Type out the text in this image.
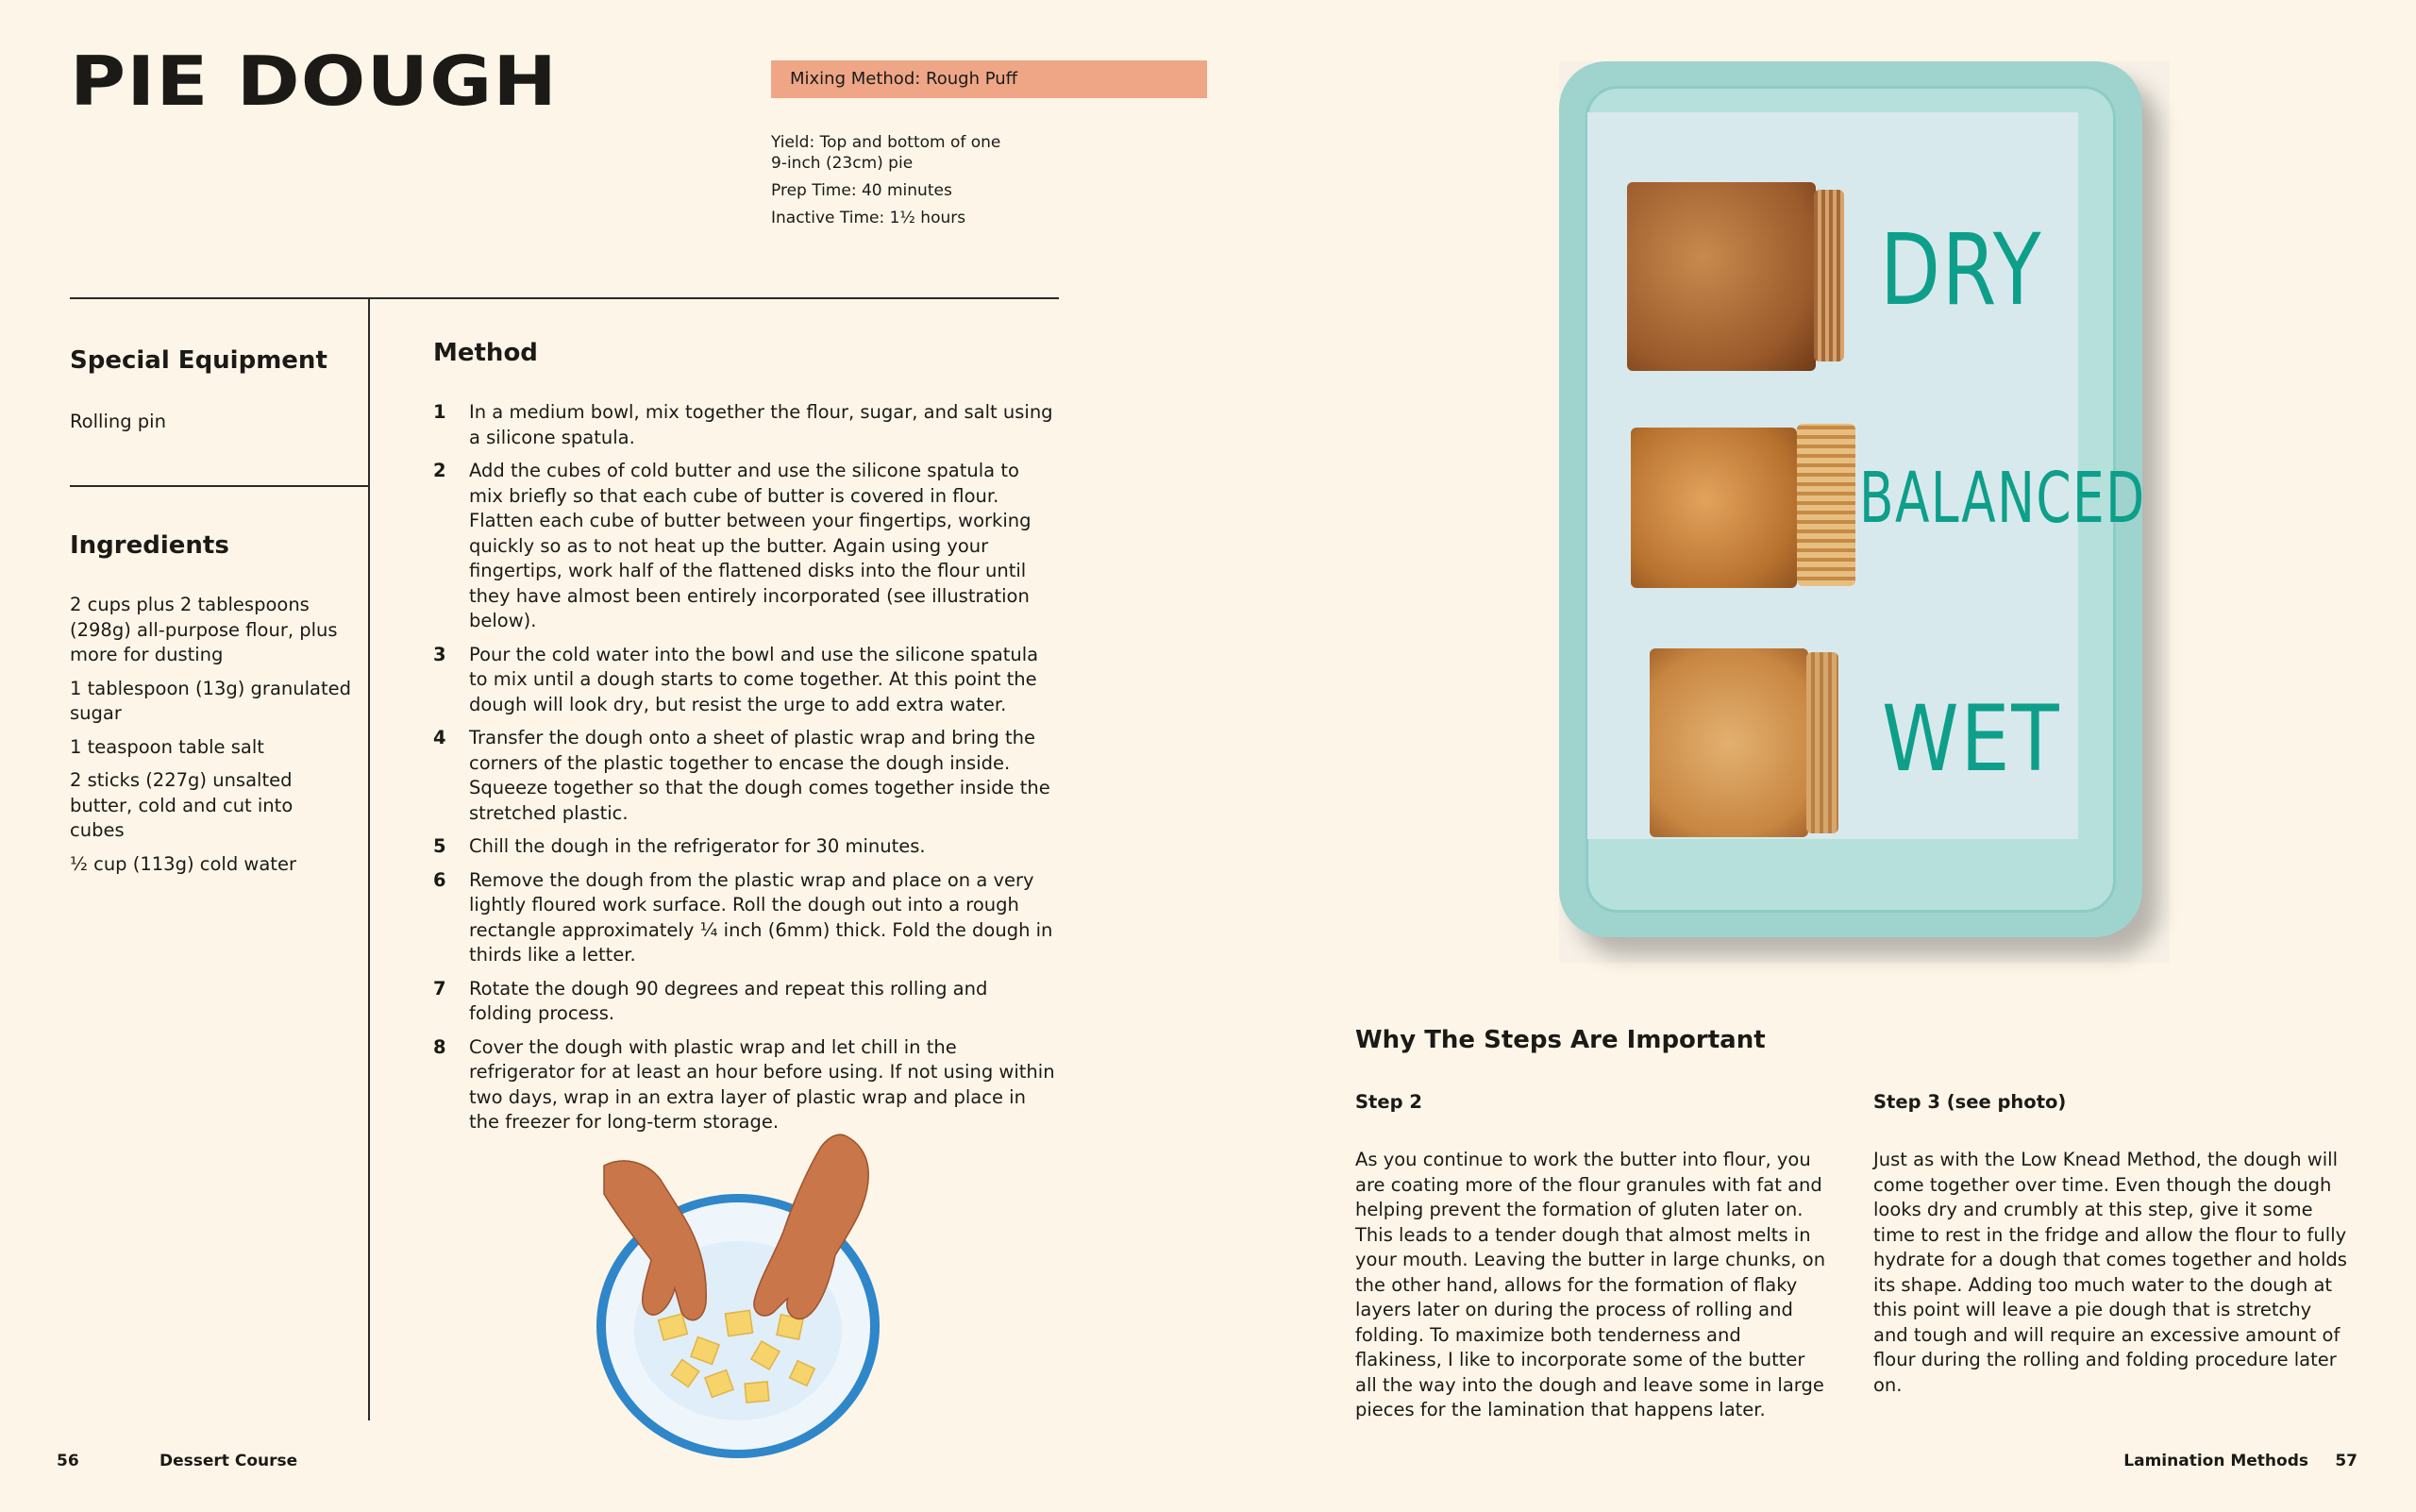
PIE DOUGH	Mixing Method: Rough Puff

Yield: Top and bottom of one

9-inch (23cm) pie

Prep Time: 40 minutes

Inactive Time: 1½ hours

Special Equipment
Rolling pin
Ingredients
2 cups plus 2 tablespoons (298g) all-purpose flour, plus more for dusting
1 tablespoon (13g) granulated sugar
1 teaspoon table salt
2 sticks (227g) unsalted butter, cold and cut into cubes
½ cup (113g) cold water
Method
1	In a medium bowl, mix together the flour, sugar, and salt using a silicone spatula.
2	Add the cubes of cold butter and use the silicone spatula to mix briefly so that each cube of butter is covered in flour. Flatten each cube of butter between your fingertips, working quickly so as to not heat up the butter. Again using your fingertips, work half of the flattened disks into the flour until they have almost been entirely incorporated (see illustration below).
3	Pour the cold water into the bowl and use the silicone spatula to mix until a dough starts to come together. At this point the dough will look dry, but resist the urge to add extra water.
4	Transfer the dough onto a sheet of plastic wrap and bring the corners of the plastic together to encase the dough inside. Squeeze together so that the dough comes together inside the stretched plastic.
5	Chill the dough in the refrigerator for 30 minutes.
6	Remove the dough from the plastic wrap and place on a very lightly floured work surface. Roll the dough out into a rough rectangle approximately ¼ inch (6mm) thick. Fold the dough in thirds like a letter.
7	Rotate the dough 90 degrees and repeat this rolling and folding process.
8	Cover the dough with plastic wrap and let chill in the refrigerator for at least an hour before using. If not using within two days, wrap in an extra layer of plastic wrap and place in the freezer for long-term storage.
DRY
BALANCED
WET
Why The Steps Are Important
Step 2
As you continue to work the butter into flour, you are coating more of the flour granules with fat and helping prevent the formation of gluten later on. This leads to a tender dough that almost melts in your mouth. Leaving the butter in large chunks, on the other hand, allows for the formation of flaky layers later on during the process of rolling and folding. To maximize both tenderness and flakiness, I like to incorporate some of the butter all the way into the dough and leave some in large pieces for the lamination that happens later.
Step 3 (see photo)
Just as with the Low Knead Method, the dough will come together over time. Even though the dough looks dry and crumbly at this step, give it some time to rest in the fridge and allow the flour to fully hydrate for a dough that comes together and holds its shape. Adding too much water to the dough at this point will leave a pie dough that is stretchy and tough and will require an excessive amount of flour during the rolling and folding procedure later on.
56	Dessert Course	Lamination Methods 57
